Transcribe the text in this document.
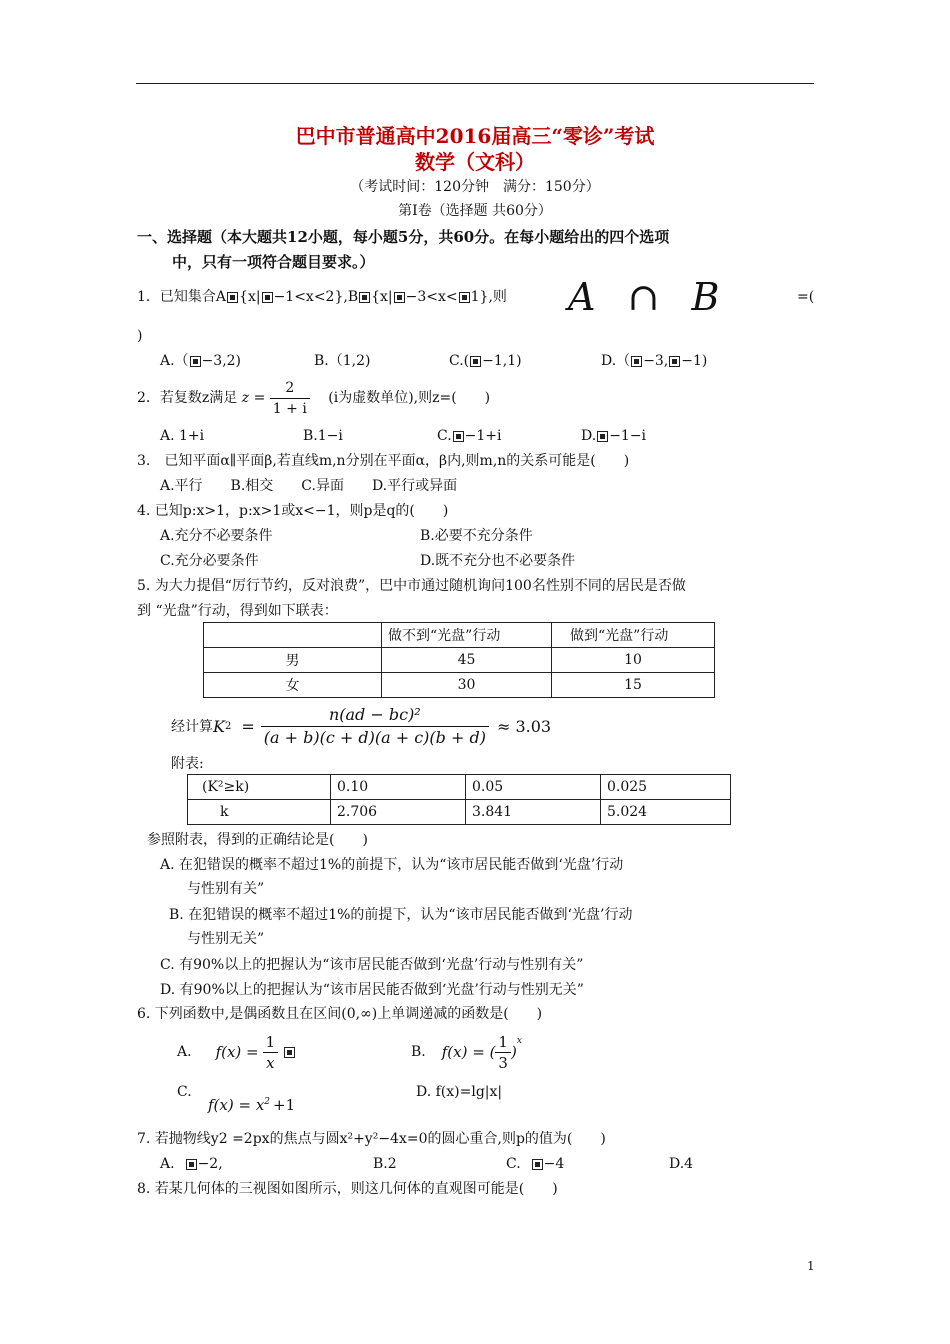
巴中市普通高中2016届高三“零诊”考试
数学（文科）
（考试时间：120分钟　满分：150分）
第Ⅰ卷（选择题 共60分）
一、选择题（本大题共12小题，每小题5分，共60分。在每小题给出的四个选项
中，只有一项符合题目要求。）
1．已知集合A {x| −1<x<2},B {x| −3<x< 1},则 A ∩ B	=(
)
A.（ −3,2)	B.（1,2)	C.( −1,1)	D.（ −3, −1)
2．若复数z满足 $z = \frac{2}{1 + i} (i$为虚数单位),则z=(　　)
A. 1+i	B.1−i	C. −1+i	D. −1−i
3.　已知平面α∥平面β,若直线m,n分别在平面α，β内,则m,n的关系可能是(　　)
A.平行　　B.相交　　C.异面　　D.平行或异面
4. 已知p:x>1，p:x>1或x<−1，则p是q的(　　)
A.充分不必要条件	B.必要不充分条件
C.充分必要条件	D.既不充分也不必要条件
5. 为大力提倡“厉行节约，反对浪费”，巴中市通过随机询问100名性别不同的居民是否做
到 “光盘”行动，得到如下联表：
	做不到“光盘”行动	做到“光盘”行动
男	45	10
女	30	15
经计算 K $2 = \frac{\text{n(ad − bc)²}}{(a + b)(c + d)(a + c)(b + d)} \approx 3.03$
附表:
(K²≥k)	0.10	0.05	0.025
k	2.706	3.841	5.024
参照附表，得到的正确结论是(　　)
A. 在犯错误的概率不超过1%的前提下，认为“该市居民能否做到‘光盘’行动
与性别有关”
B. 在犯错误的概率不超过1%的前提下，认为“该市居民能否做到‘光盘’行动
与性别无关”
C. 有90%以上的把握认为“该市居民能否做到‘光盘’行动与性别有关”
D. 有90%以上的把握认为“该市居民能否做到‘光盘’行动与性别无关”
6. 下列函数中,是偶函数且在区间(0,∞)上单调递减的函数是(　　)
A. $f(x) = \frac{1}{x}$	B. f(x) = ( $\frac{1}{3}$ )
$^x$
C.
$f(x) = x^2 +1$
D. f(x)=lg|x|
7. 若抛物线y2 =2px的焦点与圆x²+y²−4x=0的圆心重合,则p的值为(　　)
A. −2,	B.2	C. −4	D.4
8. 若某几何体的三视图如图所示，则这几何体的直观图可能是(　　)
1
